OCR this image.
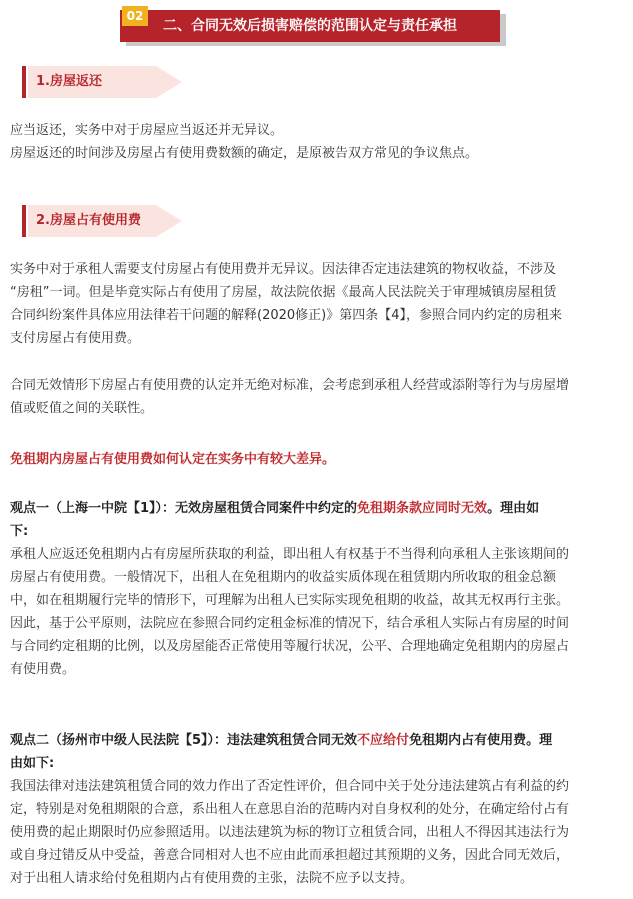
二、合同无效后损害赔偿的范围认定与责任承担
02
1.房屋返还
应当返还，实务中对于房屋应当返还并无异议。
房屋返还的时间涉及房屋占有使用费数额的确定，是原被告双方常见的争议焦点。
2.房屋占有使用费
实务中对于承租人需要支付房屋占有使用费并无异议。因法律否定违法建筑的物权收益，不涉及
“房租”一词。但是毕竟实际占有使用了房屋，故法院依据《最高人民法院关于审理城镇房屋租赁
合同纠纷案件具体应用法律若干问题的解释(2020修正)》第四条【4】，参照合同内约定的房租来
支付房屋占有使用费。
合同无效情形下房屋占有使用费的认定并无绝对标准，会考虑到承租人经营或添附等行为与房屋增
值或贬值之间的关联性。
免租期内房屋占有使用费如何认定在实务中有较大差异。
观点一（上海一中院【1】）：无效房屋租赁合同案件中约定的免租期条款应同时无效。理由如
下:
承租人应返还免租期内占有房屋所获取的利益，即出租人有权基于不当得利向承租人主张该期间的
房屋占有使用费。一般情况下，出租人在免租期内的收益实质体现在租赁期内所收取的租金总额
中，如在租期履行完毕的情形下，可理解为出租人已实际实现免租期的收益，故其无权再行主张。
因此，基于公平原则，法院应在参照合同约定租金标准的情况下，结合承租人实际占有房屋的时间
与合同约定租期的比例，以及房屋能否正常使用等履行状况，公平、合理地确定免租期内的房屋占
有使用费。
观点二（扬州市中级人民法院【5】）：违法建筑租赁合同无效不应给付免租期内占有使用费。理
由如下:
我国法律对违法建筑租赁合同的效力作出了否定性评价，但合同中关于处分违法建筑占有利益的约
定，特别是对免租期限的合意，系出租人在意思自治的范畴内对自身权利的处分，在确定给付占有
使用费的起止期限时仍应参照适用。以违法建筑为标的物订立租赁合同，出租人不得因其违法行为
或自身过错反从中受益，善意合同相对人也不应由此而承担超过其预期的义务，因此合同无效后，
对于出租人请求给付免租期内占有使用费的主张，法院不应予以支持。
